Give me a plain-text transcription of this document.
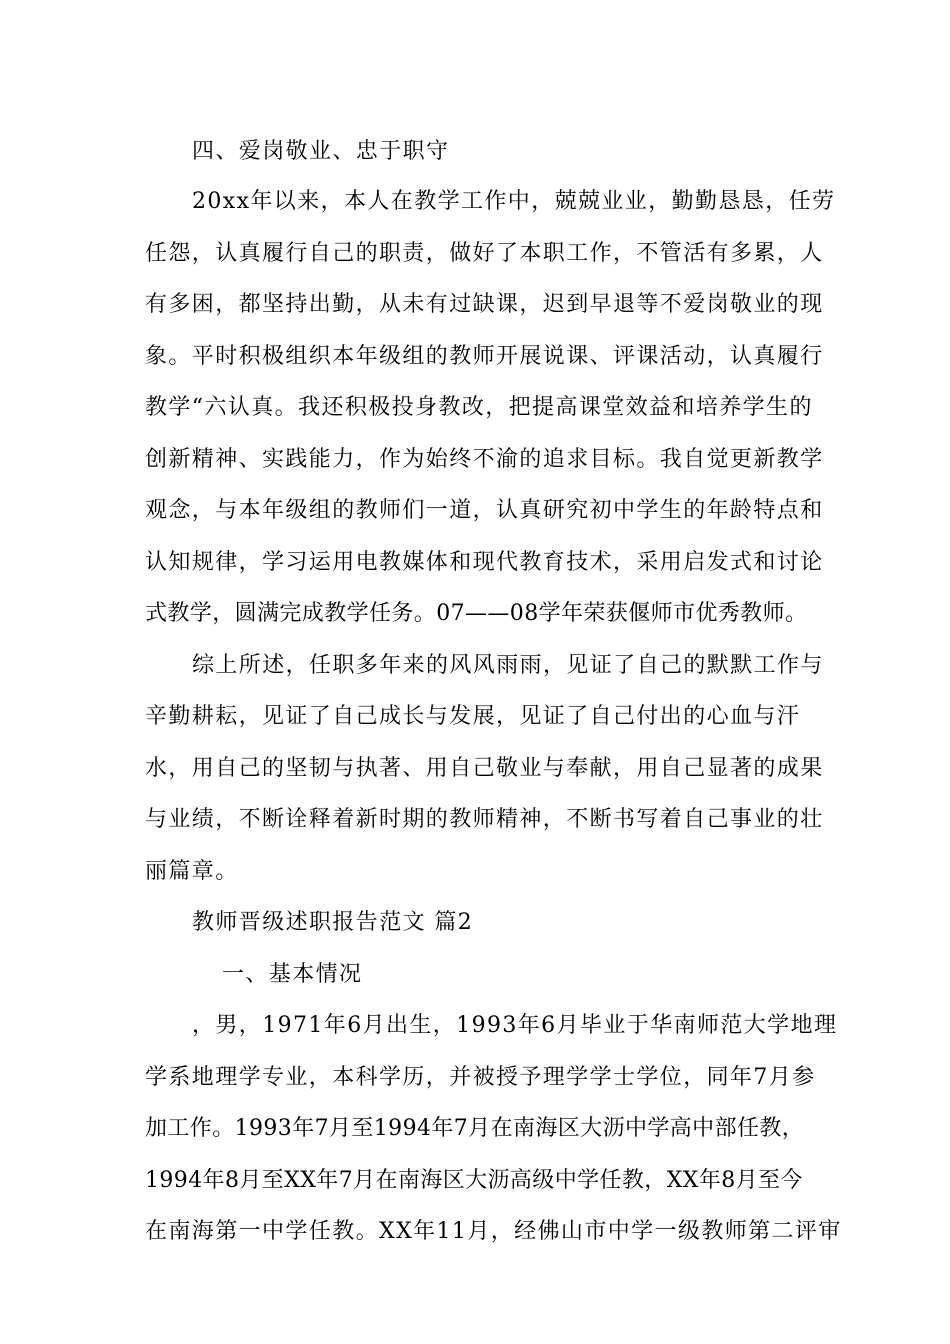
四、爱岗敬业、忠于职守
20xx年以来，本人在教学工作中，兢兢业业，勤勤恳恳，任劳
任怨，认真履行自己的职责，做好了本职工作，不管活有多累，人
有多困，都坚持出勤，从未有过缺课，迟到早退等不爱岗敬业的现
象。平时积极组织本年级组的教师开展说课、评课活动，认真履行
教学“六认真。我还积极投身教改，把提高课堂效益和培养学生的
创新精神、实践能力，作为始终不渝的追求目标。我自觉更新教学
观念，与本年级组的教师们一道，认真研究初中学生的年龄特点和
认知规律，学习运用电教媒体和现代教育技术，采用启发式和讨论
式教学，圆满完成教学任务。07——08学年荣获偃师市优秀教师。
综上所述，任职多年来的风风雨雨，见证了自己的默默工作与
辛勤耕耘，见证了自己成长与发展，见证了自己付出的心血与汗
水，用自己的坚韧与执著、用自己敬业与奉献，用自己显著的成果
与业绩，不断诠释着新时期的教师精神，不断书写着自己事业的壮
丽篇章。
教师晋级述职报告范文 篇2
一、基本情况
，男，1971年6月出生，1993年6月毕业于华南师范大学地理
学系地理学专业，本科学历，并被授予理学学士学位，同年7月参
加工作。1993年7月至1994年7月在南海区大沥中学高中部任教，
1994年8月至XX年7月在南海区大沥高级中学任教，XX年8月至今
在南海第一中学任教。XX年11月，经佛山市中学一级教师第二评审
